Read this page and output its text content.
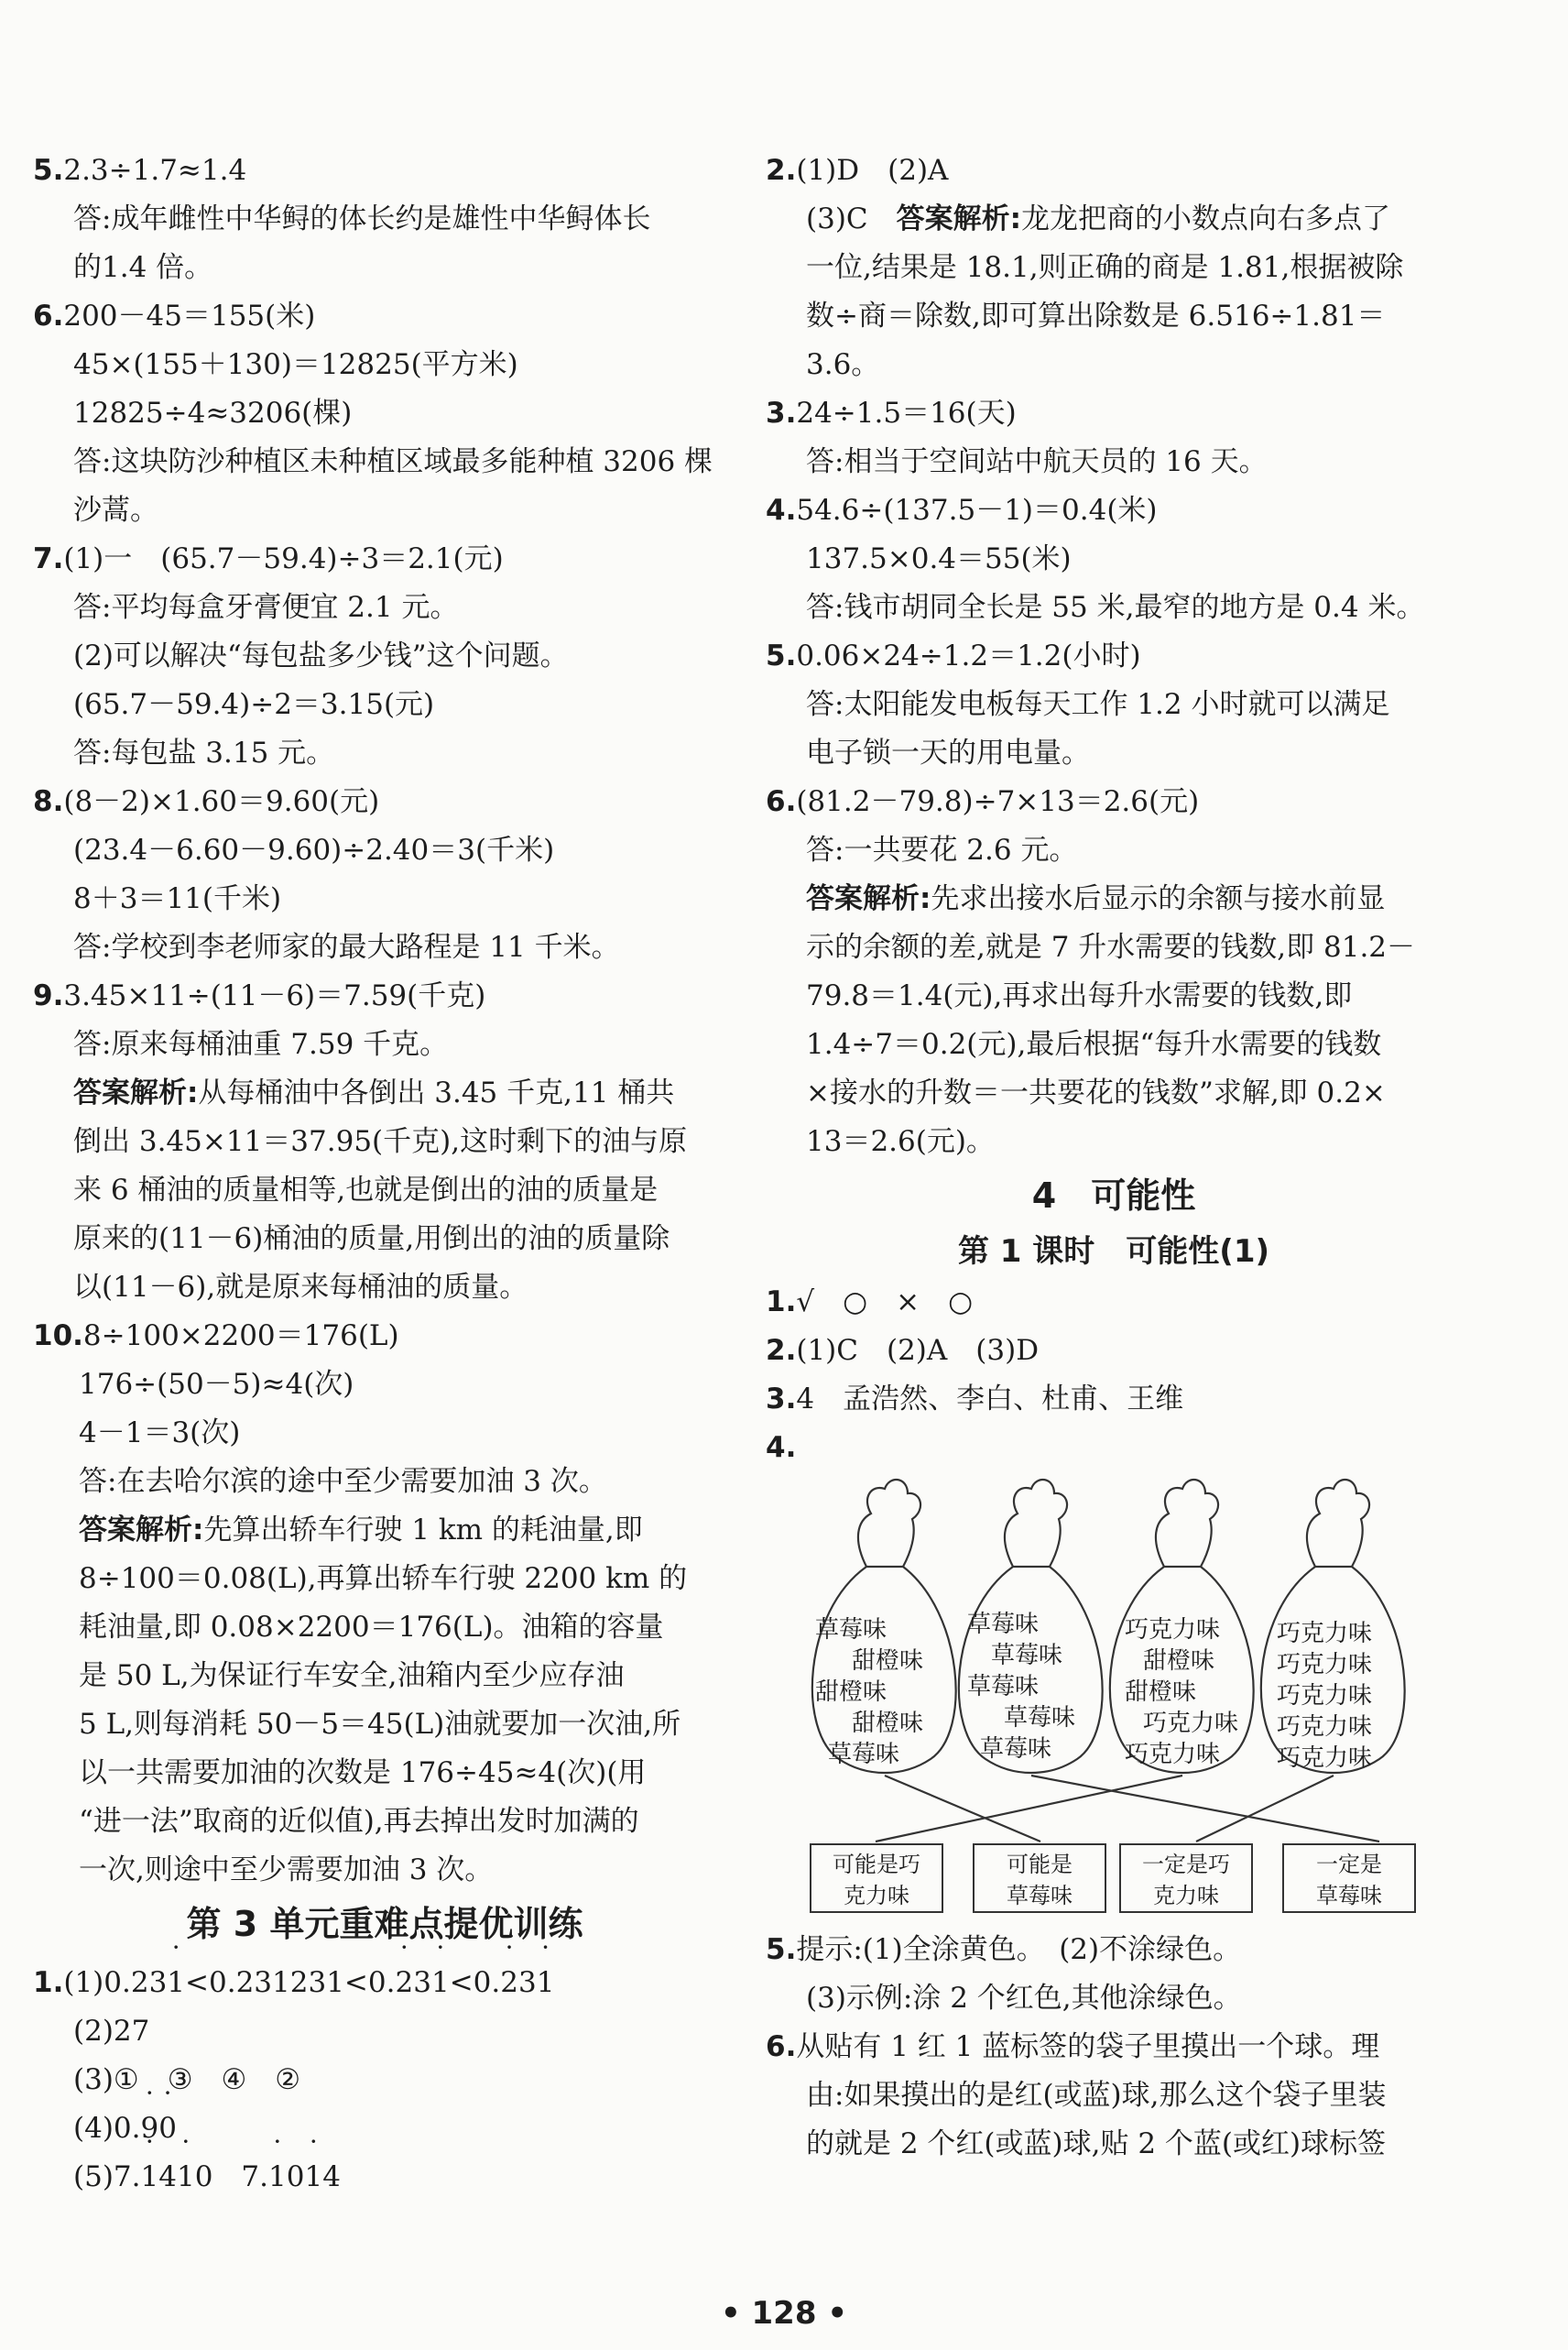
5.2.3÷1.7≈1.4
答:成年雌性中华鲟的体长约是雄性中华鲟体长
的1.4 倍。
6.200－45＝155(米)
45×(155＋130)＝12825(平方米)
12825÷4≈3206(棵)
答:这块防沙种植区未种植区域最多能种植 3206 棵
沙蒿。
7.(1)一　(65.7－59.4)÷3＝2.1(元)
答:平均每盒牙膏便宜 2.1 元。
(2)可以解决“每包盐多少钱”这个问题。
(65.7－59.4)÷2＝3.15(元)
答:每包盐 3.15 元。
8.(8－2)×1.60＝9.60(元)
(23.4－6.60－9.60)÷2.40＝3(千米)
8＋3＝11(千米)
答:学校到李老师家的最大路程是 11 千米。
9.3.45×11÷(11－6)＝7.59(千克)
答:原来每桶油重 7.59 千克。
答案解析:从每桶油中各倒出 3.45 千克,11 桶共
倒出 3.45×11＝37.95(千克),这时剩下的油与原
来 6 桶油的质量相等,也就是倒出的油的质量是
原来的(11－6)桶油的质量,用倒出的油的质量除
以(11－6),就是原来每桶油的质量。
10.8÷100×2200＝176(L)
176÷(50－5)≈4(次)
4－1＝3(次)
答:在去哈尔滨的途中至少需要加油 3 次。
答案解析:先算出轿车行驶 1 km 的耗油量,即
8÷100＝0.08(L),再算出轿车行驶 2200 km 的
耗油量,即 0.08×2200＝176(L)。油箱的容量
是 50 L,为保证行车安全,油箱内至少应存油
5 L,则每消耗 50－5＝45(L)油就要加一次油,所
以一共需要加油的次数是 176÷45≈4(次)(用
“进一法”取商的近似值),再去掉出发时加满的
一次,则途中至少需要加油 3 次。
第 3 单元重难点提优训练
1.(1)0.23· 1<0.231231<0.· 23· 1<0.· 23· 1
(2)27
(3)①　③　④　②
(4)0.· 9· 0
(5)7.· 14· 10　7.· 10· 14
2.(1)D　(2)A
(3)C　答案解析:龙龙把商的小数点向右多点了
一位,结果是 18.1,则正确的商是 1.81,根据被除
数÷商＝除数,即可算出除数是 6.516÷1.81＝
3.6。
3.24÷1.5＝16(天)
答:相当于空间站中航天员的 16 天。
4.54.6÷(137.5－1)＝0.4(米)
137.5×0.4＝55(米)
答:钱市胡同全长是 55 米,最窄的地方是 0.4 米。
5.0.06×24÷1.2＝1.2(小时)
答:太阳能发电板每天工作 1.2 小时就可以满足
电子锁一天的用电量。
6.(81.2－79.8)÷7×13＝2.6(元)
答:一共要花 2.6 元。
答案解析:先求出接水后显示的余额与接水前显
示的余额的差,就是 7 升水需要的钱数,即 81.2－
79.8＝1.4(元),再求出每升水需要的钱数,即
1.4÷7＝0.2(元),最后根据“每升水需要的钱数
×接水的升数＝一共要花的钱数”求解,即 0.2×
13＝2.6(元)。
4　可能性
第 1 课时　可能性(1)
1.√　○　×　○
2.(1)C　(2)A　(3)D
3.4　孟浩然、李白、杜甫、王维
4.
草莓味
甜橙味
甜橙味
甜橙味
草莓味
草莓味
草莓味
草莓味
草莓味
草莓味
巧克力味
甜橙味
甜橙味
巧克力味
巧克力味
巧克力味
巧克力味
巧克力味
巧克力味
巧克力味
可能是巧
克力味
可能是
草莓味
一定是巧
克力味
一定是
草莓味
5.提示:(1)全涂黄色。　(2)不涂绿色。
(3)示例:涂 2 个红色,其他涂绿色。
6.从贴有 1 红 1 蓝标签的袋子里摸出一个球。理
由:如果摸出的是红(或蓝)球,那么这个袋子里装
的就是 2 个红(或蓝)球,贴 2 个蓝(或红)球标签
• 128 •
